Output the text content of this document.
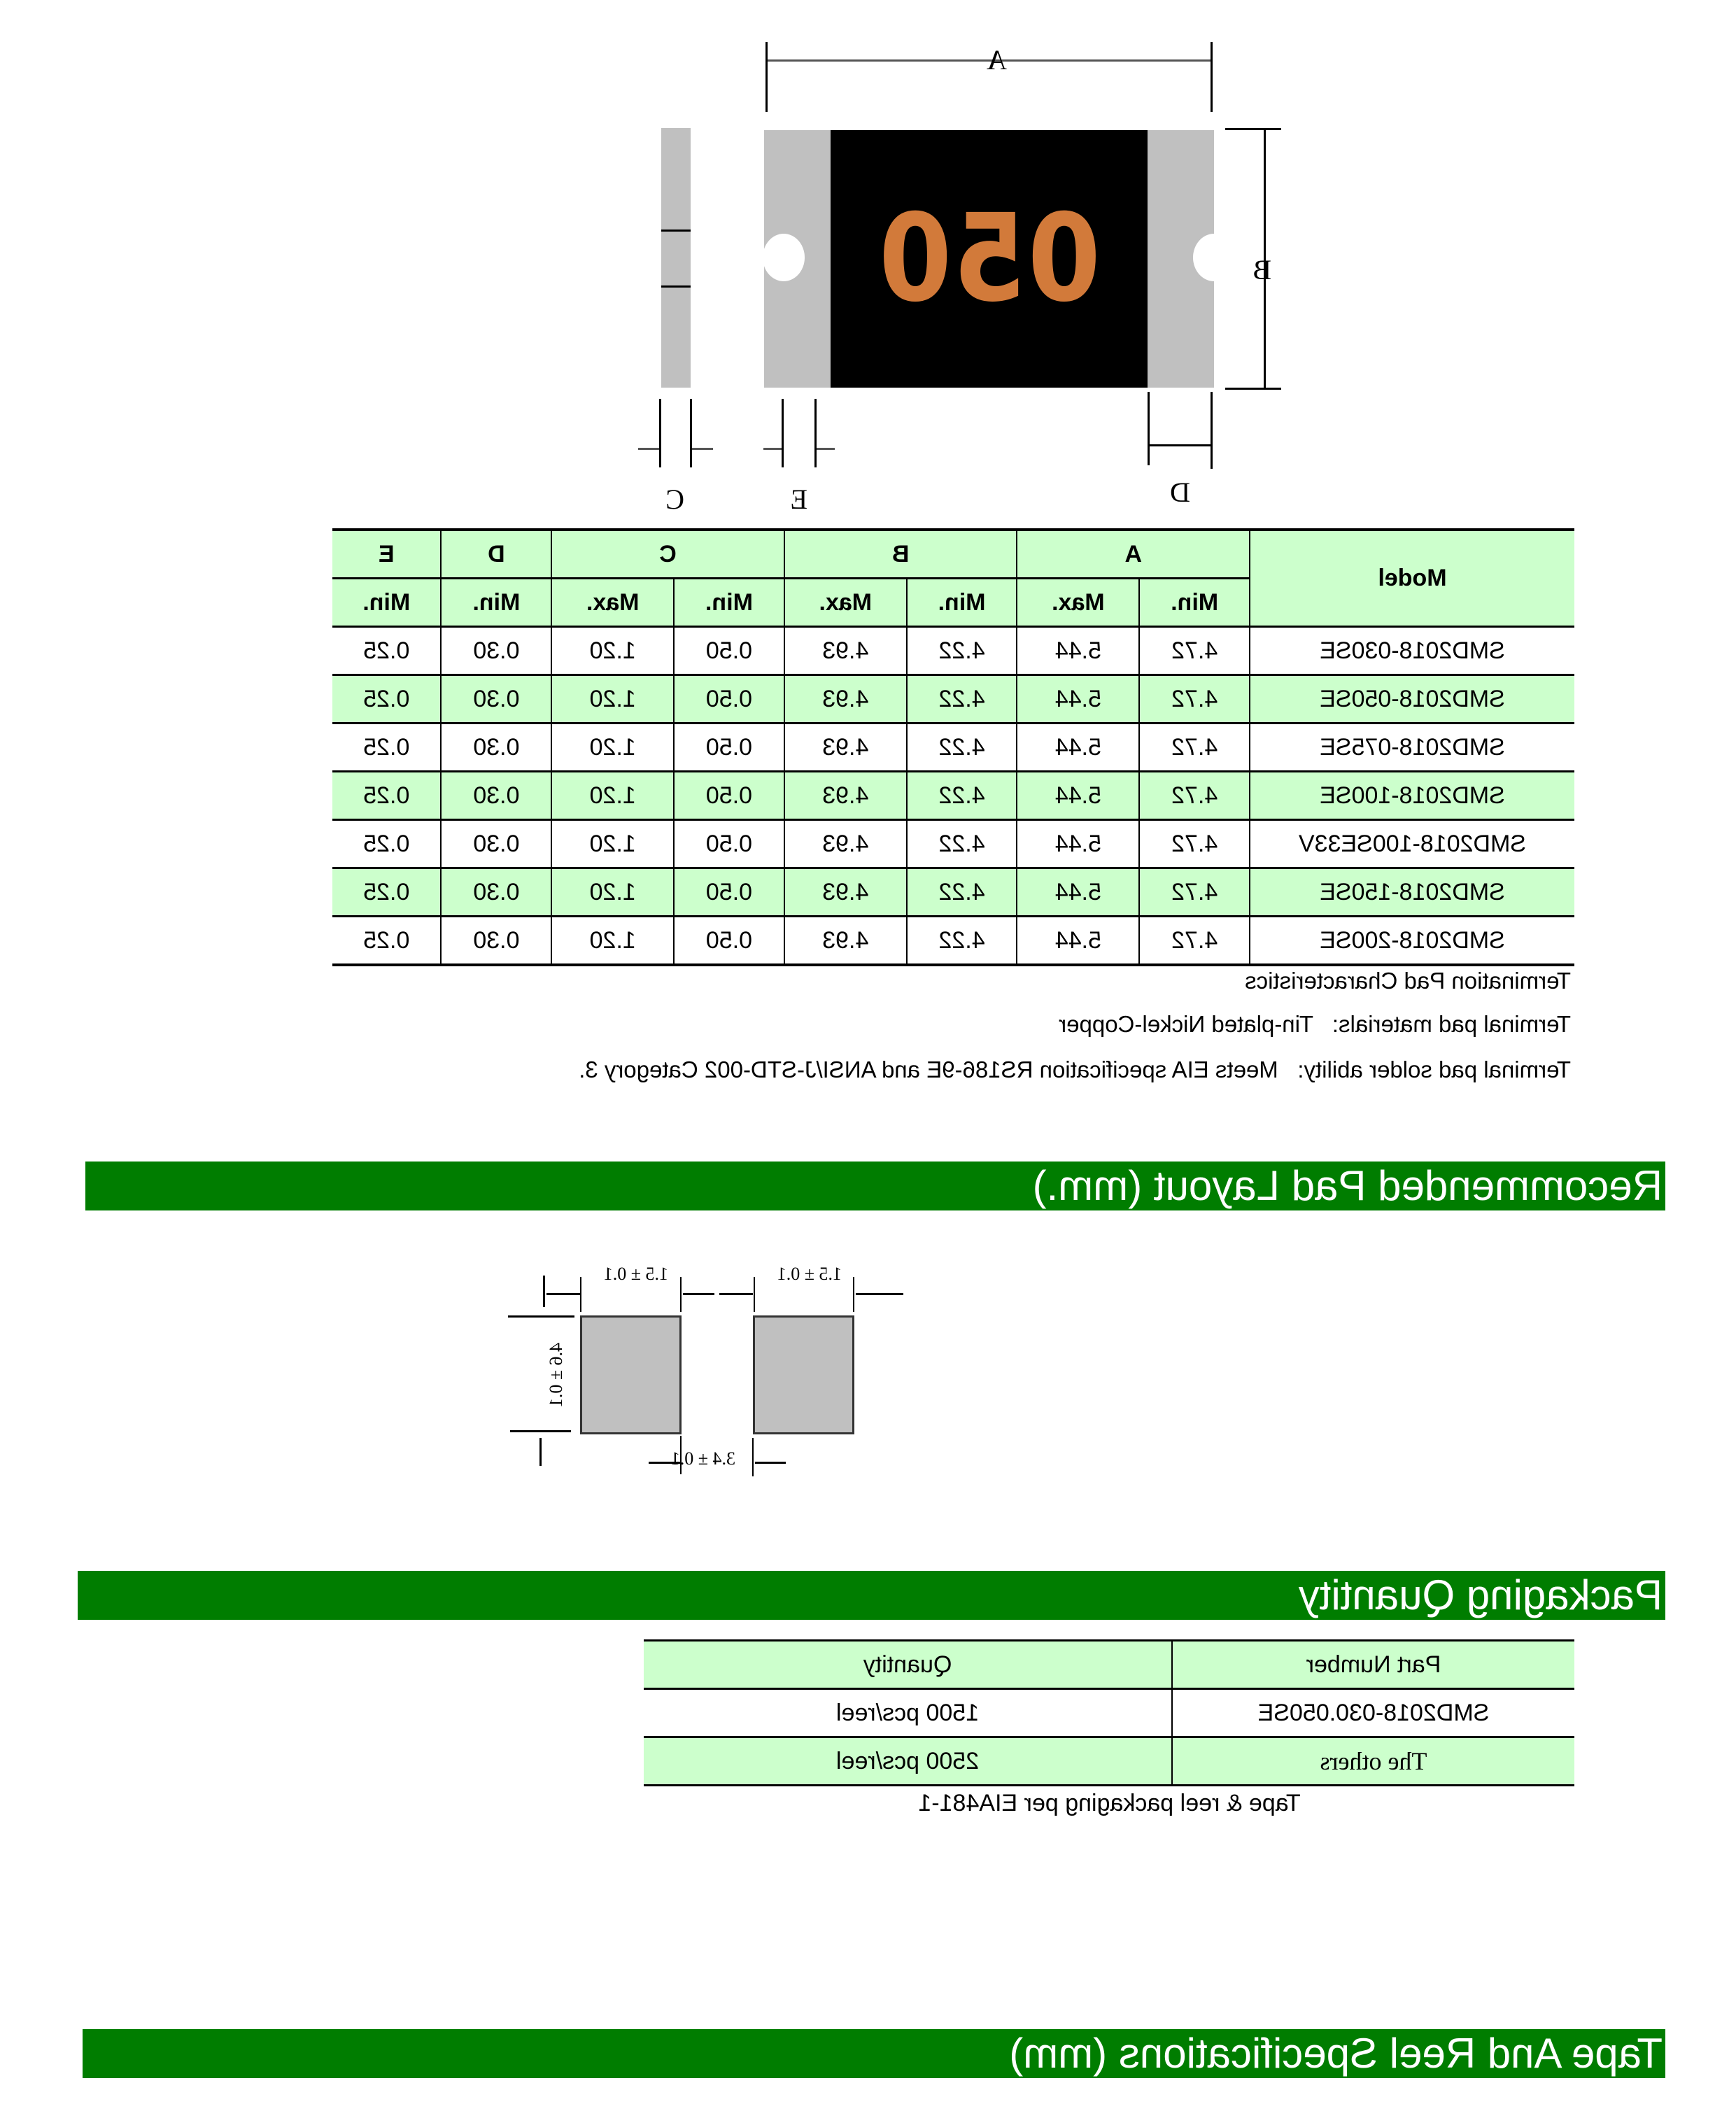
050
A
B
D
E
C
Model	A		B		C		D	E
	Min.	Max.	Min.	Max.	Min.	Max.	Min.	Min.
SMD2018-030SE	4.72	5.44	4.22	4.93	0.50	1.20	0.30	0.25
SMD2018-050SE	4.72	5.44	4.22	4.93	0.50	1.20	0.30	0.25
SMD2018-075SE	4.72	5.44	4.22	4.93	0.50	1.20	0.30	0.25
SMD2018-100SE	4.72	5.44	4.22	4.93	0.50	1.20	0.30	0.25
SMD2018-100SE33V	4.72	5.44	4.22	4.93	0.50	1.20	0.30	0.25
SMD2018-150SE	4.72	5.44	4.22	4.93	0.50	1.20	0.30	0.25
SMD2018-200SE	4.72	5.44	4.22	4.93	0.50	1.20	0.30	0.25
Termination Pad Characteristics
Terminal pad materials:   Tin-plated Nickel-Copper
Terminal pad solder ability:   Meets EIA specification RS186-9E and ANSI/J-STD-002 Category 3.
Recommended Pad Layout (mm.)
1.5 ± 0.1
1.5 ± 0.1
4.6 ± 0.1
3.4 ± 0.1
Packaging Quantity
Part Number	Quantity
SMD2018-030.050SE	1500 pcs/reel
The others	2500 pcs/reel
Tape & reel packaging per EIA481-1
Tape And Reel Specifications (mm)
